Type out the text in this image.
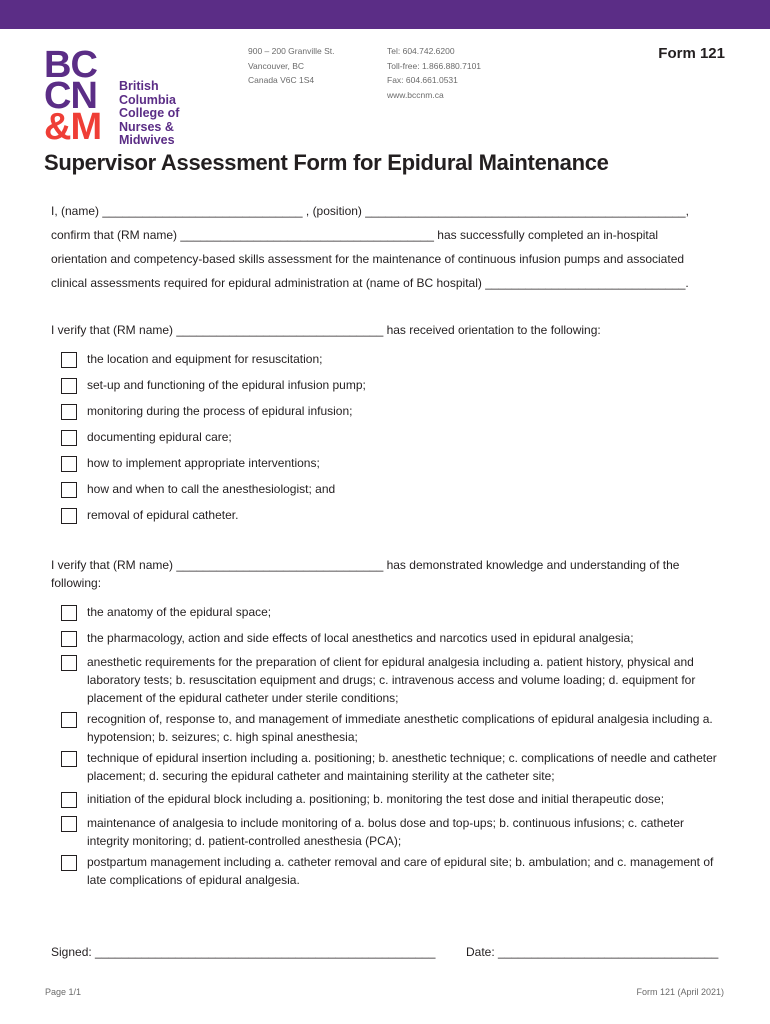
BC
CN
&M
British
Columbia
College of
Nurses &
Midwives
900 – 200 Granville St.
Vancouver, BC
Canada V6C 1S4
Tel: 604.742.6200
Toll-free: 1.866.880.7101
Fax: 604.661.0531
www.bccnm.ca
Form 121
Supervisor Assessment Form for Epidural Maintenance
I, (name) ______________________________ , (position) ________________________________________________,
confirm that (RM name) ______________________________________ has successfully completed an in-hospital
orientation and competency-based skills assessment for the maintenance of continuous infusion pumps and associated
clinical assessments required for epidural administration at (name of BC hospital) ______________________________.
I verify that (RM name) _______________________________ has received orientation to the following:
the location and equipment for resuscitation;
set-up and functioning of the epidural infusion pump;
monitoring during the process of epidural infusion;
documenting epidural care;
how to implement appropriate interventions;
how and when to call the anesthesiologist; and
removal of epidural catheter.
I verify that (RM name) _______________________________ has demonstrated knowledge and understanding of the
following:
the anatomy of the epidural space;
the pharmacology, action and side effects of local anesthetics and narcotics used in epidural analgesia;
anesthetic requirements for the preparation of client for epidural analgesia including a. patient history, physical and laboratory tests; b. resuscitation equipment and drugs; c. intravenous access and volume loading; d. equipment for placement of the epidural catheter under sterile conditions;
recognition of, response to, and management of immediate anesthetic complications of epidural analgesia including a. hypotension; b. seizures; c. high spinal anesthesia;
technique of epidural insertion including a. positioning; b. anesthetic technique; c. complications of needle and catheter placement; d. securing the epidural catheter and maintaining sterility at the catheter site;
initiation of the epidural block including a. positioning; b. monitoring the test dose and initial therapeutic dose;
maintenance of analgesia to include monitoring of a. bolus dose and top-ups; b. continuous infusions; c. catheter integrity monitoring; d. patient-controlled anesthesia (PCA);
postpartum management including a. catheter removal and care of epidural site; b. ambulation; and c. management of late complications of epidural analgesia.
Signed: ___________________________________________________	Date: _________________________________
Page 1/1	Form 121 (April 2021)
